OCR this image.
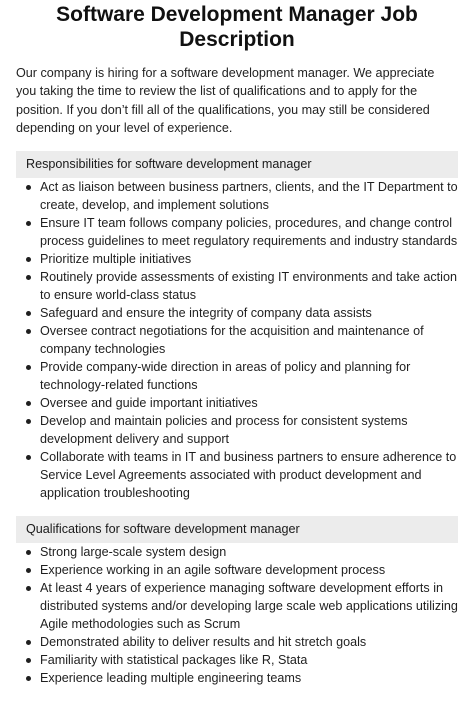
Software Development Manager Job Description

Our company is hiring for a software development manager. We appreciate you taking the time to review the list of qualifications and to apply for the position. If you don’t fill all of the qualifications, you may still be considered depending on your level of experience.

Responsibilities for software development manager
Act as liaison between business partners, clients, and the IT Department to create, develop, and implement solutions
Ensure IT team follows company policies, procedures, and change control process guidelines to meet regulatory requirements and industry standards
Prioritize multiple initiatives
Routinely provide assessments of existing IT environments and take action to ensure world-class status
Safeguard and ensure the integrity of company data assists
Oversee contract negotiations for the acquisition and maintenance of company technologies
Provide company-wide direction in areas of policy and planning for technology-related functions
Oversee and guide important initiatives
Develop and maintain policies and process for consistent systems development delivery and support
Collaborate with teams in IT and business partners to ensure adherence to Service Level Agreements associated with product development and application troubleshooting
Qualifications for software development manager
Strong large-scale system design
Experience working in an agile software development process
At least 4 years of experience managing software development efforts in distributed systems and/or developing large scale web applications utilizing Agile methodologies such as Scrum
Demonstrated ability to deliver results and hit stretch goals
Familiarity with statistical packages like R, Stata
Experience leading multiple engineering teams
